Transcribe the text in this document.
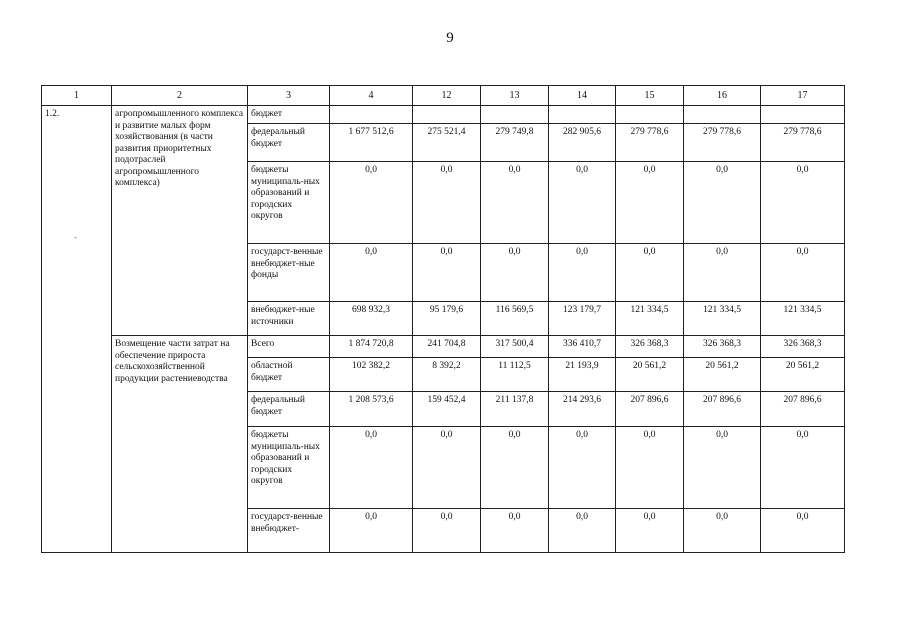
9
-
1	2	3	4	12	13	14	15	16	17
1.2.	агропромышленного комплекса и развитие малых форм хозяйствования (в части развития приоритетных подотраслей агропромышленного комплекса)	бюджет							
		федеральный бюджет	1 677 512,6	275 521,4	279 749,8	282 905,6	279 778,6	279 778,6	279 778,6
		бюджеты муниципаль-ных образований и городских округов	0,0	0,0	0,0	0,0	0,0	0,0	0,0
		государст-венные внебюджет-ные фонды	0,0	0,0	0,0	0,0	0,0	0,0	0,0
		внебюджет-ные источники	698 932,3	95 179,6	116 569,5	123 179,7	121 334,5	121 334,5	121 334,5
	Возмещение части затрат на обеспечение прироста сельскохозяйственной продукции растениеводства	Всего	1 874 720,8	241 704,8	317 500,4	336 410,7	326 368,3	326 368,3	326 368,3
		областной бюджет	102 382,2	8 392,2	11 112,5	21 193,9	20 561,2	20 561,2	20 561,2
		федеральный бюджет	1 208 573,6	159 452,4	211 137,8	214 293,6	207 896,6	207 896,6	207 896,6
		бюджеты муниципаль-ных образований и городских округов	0,0	0,0	0,0	0,0	0,0	0,0	0,0
		государст-венные внебюджет-	0,0	0,0	0,0	0,0	0,0	0,0	0,0
